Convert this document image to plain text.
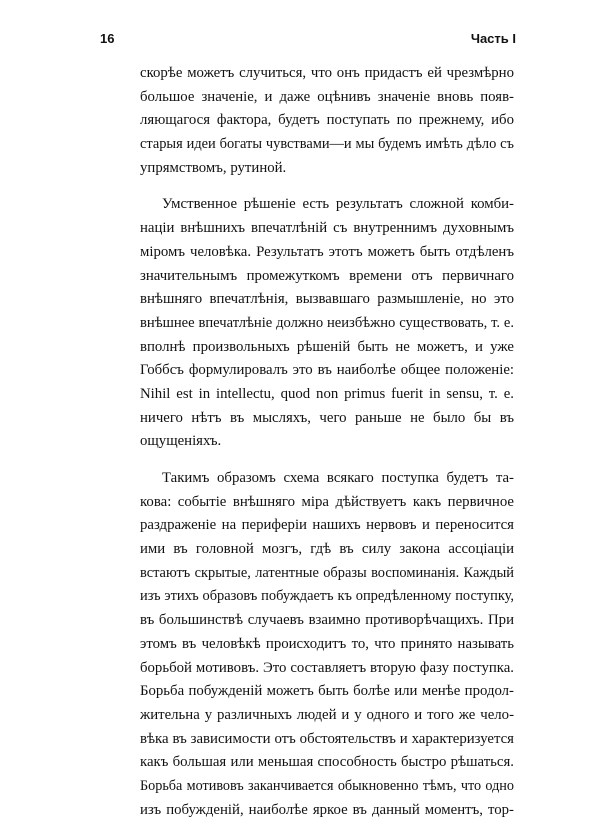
16	Часть I
скорѣе можетъ случиться, что онъ придастъ ей чрезмѣрно
большое значеніе, и даже оцѣнивъ значеніе вновь появ-
ляющагося фактора, будетъ поступать по прежнему, ибо
старыя идеи богаты чувствами—и мы будемъ имѣть дѣло съ
упрямствомъ, рутиной.
Умственное рѣшеніе есть результатъ сложной комби-
націи внѣшнихъ впечатлѣній съ внутреннимъ духовнымъ
міромъ человѣка. Результатъ этотъ можетъ быть отдѣленъ
значительнымъ промежуткомъ времени отъ первичнаго
внѣшняго впечатлѣнія, вызвавшаго размышленіе, но это
внѣшнее впечатлѣніе должно неизбѣжно существовать, т. е.
вполнѣ произвольныхъ рѣшеній быть не можетъ, и уже
Гоббсъ формулировалъ это въ наиболѣе общее положеніе:
Nihil est in intellectu, quod non primus fuerit in sensu, т. е.
ничего нѣтъ въ мысляхъ, чего раньше не было бы въ
ощущеніяхъ.
Такимъ образомъ схема всякаго поступка будетъ та-
кова: событіе внѣшняго міра дѣйствуетъ какъ первичное
раздраженіе на периферіи нашихъ нервовъ и переносится
ими въ головной мозгъ, гдѣ въ силу закона ассоціаціи
встаютъ скрытые, латентные образы воспоминанія. Каждый
изъ этихъ образовъ побуждаетъ къ опредѣленному поступку,
въ большинствѣ случаевъ взаимно противорѣчащихъ. При
этомъ въ человѣкѣ происходитъ то, что принято называть
борьбой мотивовъ. Это составляетъ вторую фазу поступка.
Борьба побужденій можетъ быть болѣе или менѣе продол-
жительна у различныхъ людей и у одного и того же чело-
вѣка въ зависимости отъ обстоятельствъ и характеризуется
какъ большая или меньшая способность быстро рѣшаться.
Борьба мотивовъ заканчивается обыкновенно тѣмъ, что одно
изъ побужденій, наиболѣе яркое въ данный моментъ, тор-
